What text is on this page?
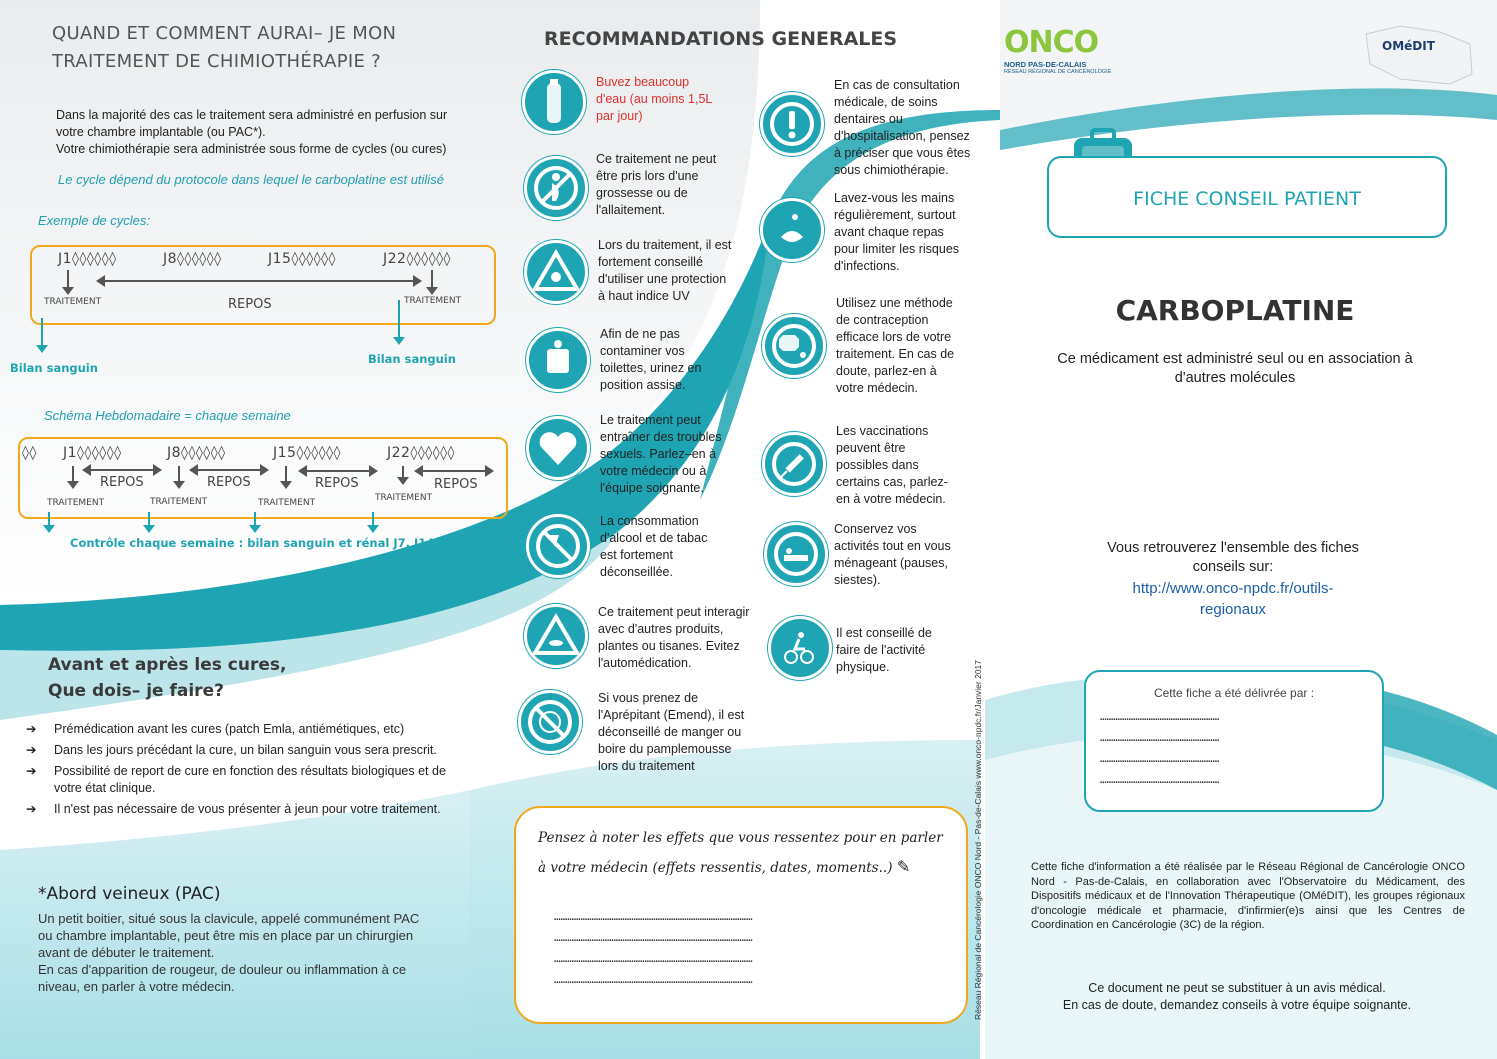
QUAND ET COMMENT AURAI– JE MON
TRAITEMENT DE CHIMIOTHÉRAPIE ?
Dans la majorité des cas le traitement sera administré en perfusion sur
votre chambre implantable (ou PAC*).
Votre chimiothérapie sera administrée sous forme de cycles (ou cures)
Le cycle dépend du protocole dans lequel le carboplatine est utilisé
Exemple de cycles:
J1◊◊◊◊◊◊	J8◊◊◊◊◊◊	J15◊◊◊◊◊◊	J22◊◊◊◊◊◊
TRAITEMENT	TRAITEMENT
REPOS
Bilan sanguin
Bilan sanguin
Schéma Hebdomadaire = chaque semaine
◊◊ J1◊◊◊◊◊◊	J8◊◊◊◊◊◊	J15◊◊◊◊◊◊	J22◊◊◊◊◊◊
REPOS	REPOS	REPOS	REPOS
TRAITEMENT	TRAITEMENT	TRAITEMENT	TRAITEMENT
Contrôle chaque semaine : bilan sanguin et rénal J7, J14, J21 …
Avant et après les cures,
Que dois– je faire?
➔ Prémédication avant les cures (patch Emla, antiémétiques, etc)
➔ Dans les jours précédant la cure, un bilan sanguin vous sera prescrit.
➔ Possibilité de report de cure en fonction des résultats biologiques et de
votre état clinique.
➔ Il n'est pas nécessaire de vous présenter à jeun pour votre traitement.
*Abord veineux (PAC)
Un petit boitier, situé sous la clavicule, appelé communément PAC
ou chambre implantable, peut être mis en place par un chirurgien
avant de débuter le traitement.
En cas d'apparition de rougeur, de douleur ou inflammation à ce
niveau, en parler à votre médecin.
RECOMMANDATIONS GENERALES
Buvez beaucoup
d'eau (au moins 1,5L
par jour)
Ce traitement ne peut
être pris lors d'une
grossesse ou de
l'allaitement.
Lors du traitement, il est
fortement conseillé
d'utiliser une protection
à haut indice UV
Afin de ne pas
contaminer vos
toilettes, urinez en
position assise.
Le traitement peut
entraîner des troubles
sexuels. Parlez–en à
votre médecin ou à
l'équipe soignante.
La consommation
d'alcool et de tabac
est fortement
déconseillée.
Ce traitement peut interagir
avec d'autres produits,
plantes ou tisanes. Evitez
l'automédication.
Si vous prenez de
l'Aprépitant (Emend), il est
déconseillé de manger ou
boire du pamplemousse
lors du traitement
En cas de consultation
médicale, de soins
dentaires ou
d'hospitalisation, pensez
à préciser que vous êtes
sous chimiothérapie.
Lavez-vous les mains
régulièrement, surtout
avant chaque repas
pour limiter les risques
d'infections.
Utilisez une méthode
de contraception
efficace lors de votre
traitement. En cas de
doute, parlez-en à
votre médecin.
Les vaccinations
peuvent être
possibles dans
certains cas, parlez-
en à votre médecin.
Conservez vos
activités tout en vous
ménageant (pauses,
siestes).
Il est conseillé de
faire de l'activité
physique.	Réseau Régional de Cancérologie ONCO Nord - Pas-de-Calais www.onco-npdc.fr/Janvier 2017
Pensez à noter les effets que vous ressentez pour en parler
à votre médecin (effets ressentis, dates, moments..) ✎
………………………………………………………………………………
………………………………………………………………………………
………………………………………………………………………………
………………………………………………………………………………
ONCO
NORD PAS-DE-CALAIS
RÉSEAU RÉGIONAL DE CANCÉROLOGIE
OMéDIT
FICHE CONSEIL PATIENT
CARBOPLATINE
Ce médicament est administré seul ou en association à
d'autres molécules
Vous retrouverez l'ensemble des fiches
conseils sur:
http://www.onco-npdc.fr/outils-
regionaux
Cette fiche a été délivrée par :
………………………………………………
………………………………………………
………………………………………………
………………………………………………
Cette fiche d'information a été réalisée par le Réseau Régional de Cancérologie ONCO
Nord - Pas-de-Calais, en collaboration avec l'Observatoire du Médicament, des
Dispositifs médicaux et de l'Innovation Thérapeutique (OMéDIT), les groupes régionaux
d'oncologie médicale et pharmacie, d'infirmier(e)s ainsi que les Centres de
Coordination en Cancérologie (3C) de la région.
Ce document ne peut se substituer à un avis médical.
En cas de doute, demandez conseils à votre équipe soignante.
